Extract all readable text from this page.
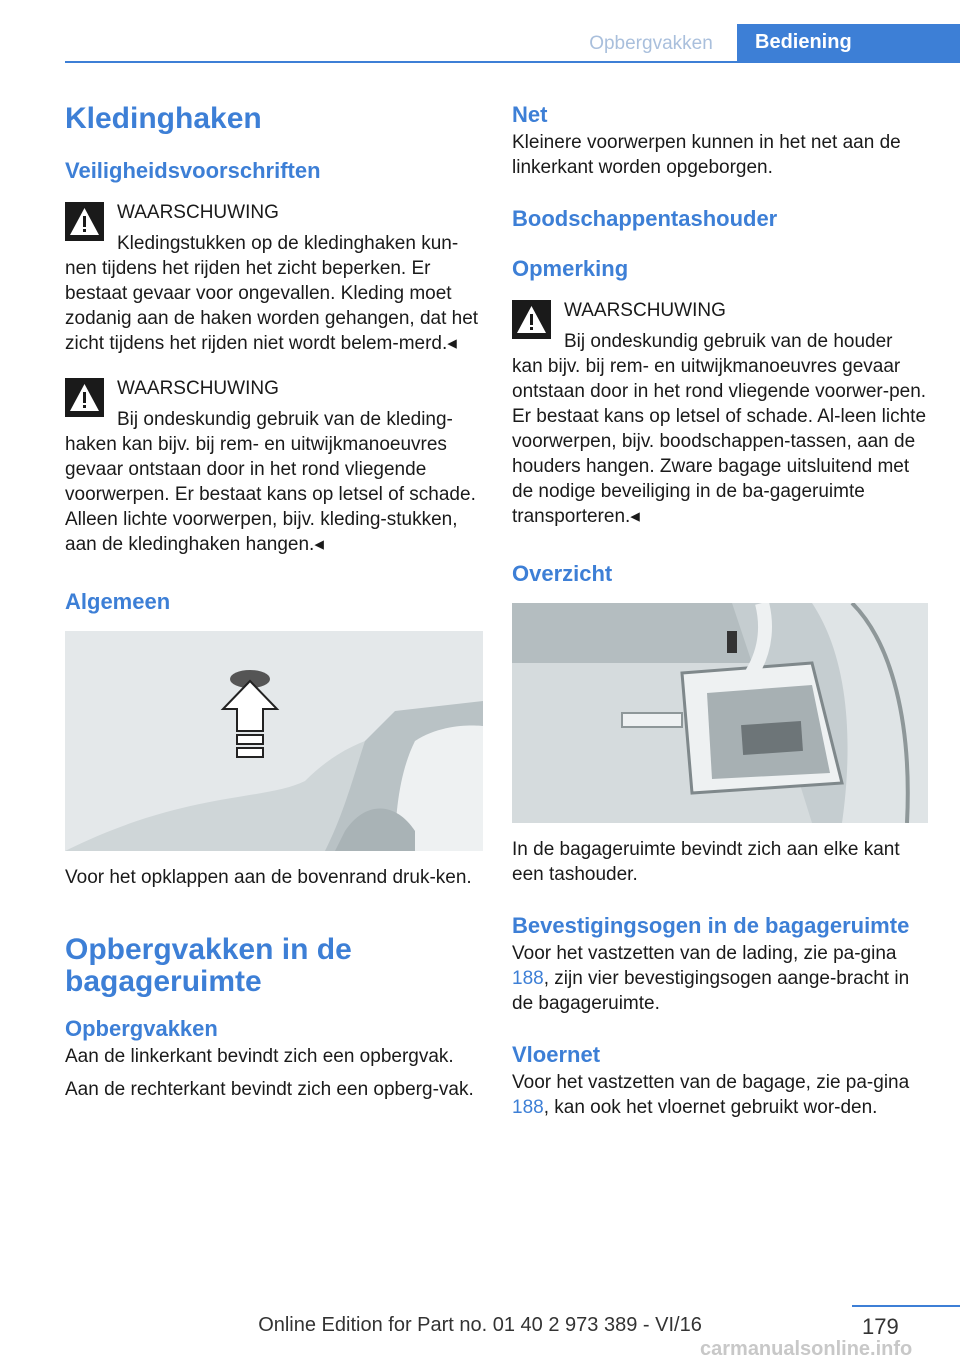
Opbergvakken	Bediening
Kledinghaken
Veiligheidsvoorschriften

WAARSCHUWING

Kledingstukken op de kledinghaken kun-

nen tijdens het rijden het zicht beperken. Er bestaat gevaar voor ongevallen. Kleding moet zodanig aan de haken worden gehangen, dat het zicht tijdens het rijden niet wordt belem-merd.◂

WAARSCHUWING

Bij ondeskundig gebruik van de kleding-

haken kan bijv. bij rem- en uitwijkmanoeuvres gevaar ontstaan door in het rond vliegende voorwerpen. Er bestaat kans op letsel of schade. Alleen lichte voorwerpen, bijv. kleding-stukken, aan de kledinghaken hangen.◂

Algemeen

Voor het opklappen aan de bovenrand druk-ken.

Opbergvakken in de bagageruimte
Opbergvakken

Aan de linkerkant bevindt zich een opbergvak.

Aan de rechterkant bevindt zich een opberg-vak.

Net

Kleinere voorwerpen kunnen in het net aan de linkerkant worden opgeborgen.

Boodschappentashouder
Opmerking

WAARSCHUWING

Bij ondeskundig gebruik van de houder

kan bijv. bij rem- en uitwijkmanoeuvres gevaar ontstaan door in het rond vliegende voorwer-pen. Er bestaat kans op letsel of schade. Al-leen lichte voorwerpen, bijv. boodschappen-tassen, aan de houders hangen. Zware bagage uitsluitend met de nodige beveiliging in de ba-gageruimte transporteren.◂

Overzicht

In de bagageruimte bevindt zich aan elke kant een tashouder.

Bevestigingsogen in de bagageruimte

Voor het vastzetten van de lading, zie pa-gina 188, zijn vier bevestigingsogen aange-bracht in de bagageruimte.

Vloernet

Voor het vastzetten van de bagage, zie pa-gina 188, kan ook het vloernet gebruikt wor-den.

179
Online Edition for Part no. 01 40 2 973 389 - VI/16
carmanualsonline.info
